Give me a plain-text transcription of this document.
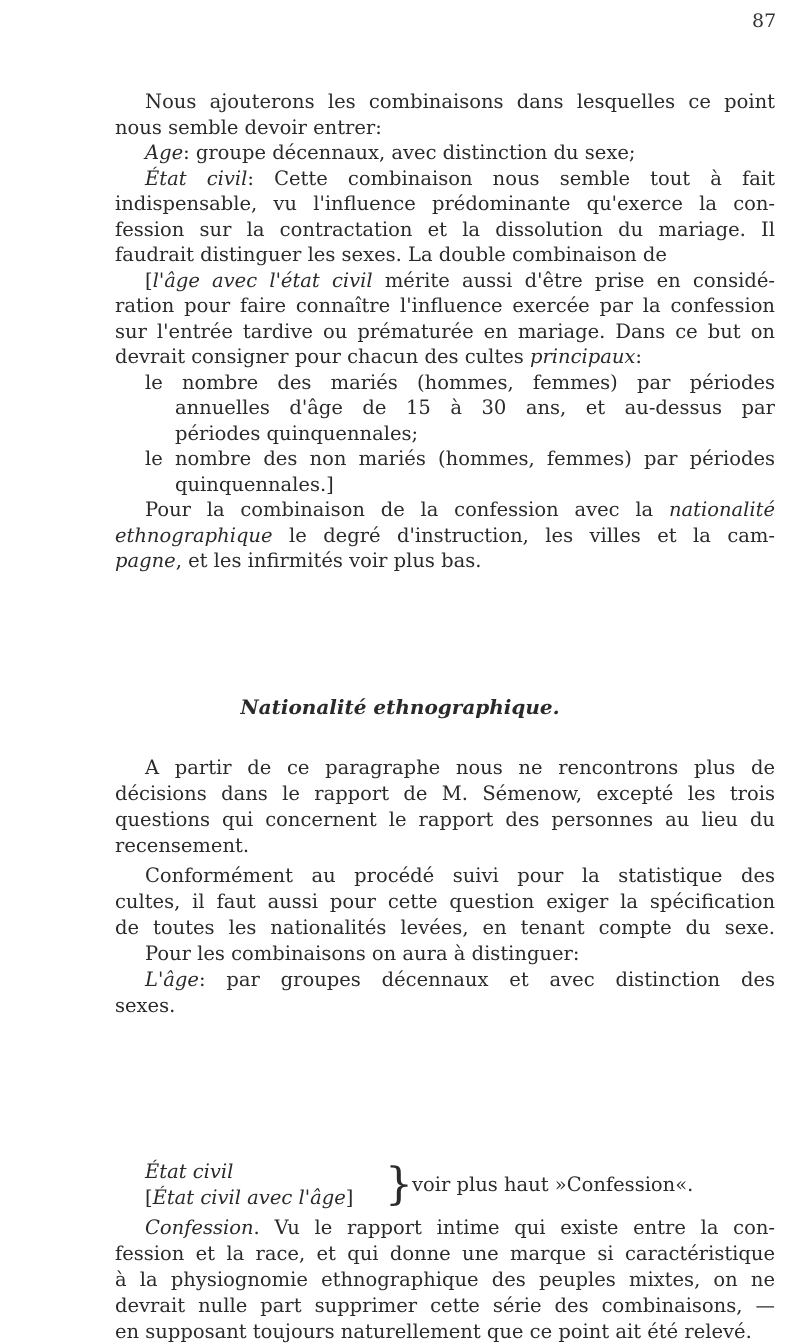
87
Nous ajouterons les combinaisons dans lesquelles ce point
nous semble devoir entrer:
Age: groupe décennaux, avec distinction du sexe;
État civil: Cette combinaison nous semble tout à fait
indispensable, vu l'influence prédominante qu'exerce la con-
fession sur la contractation et la dissolution du mariage. Il
faudrait distinguer les sexes. La double combinaison de
[l'âge avec l'état civil mérite aussi d'être prise en considé-
ration pour faire connaître l'influence exercée par la confession
sur l'entrée tardive ou prématurée en mariage. Dans ce but on
devrait consigner pour chacun des cultes principaux:
le nombre des mariés (hommes, femmes) par périodes
annuelles d'âge de 15 à 30 ans, et au-dessus par
périodes quinquennales;
le nombre des non mariés (hommes, femmes) par périodes
quinquennales.]
Pour la combinaison de la confession avec la nationalité
ethnographique le degré d'instruction, les villes et la cam-
pagne, et les infirmités voir plus bas.
Nationalité ethnographique.
A partir de ce paragraphe nous ne rencontrons plus de
décisions dans le rapport de M. Sémenow, excepté les trois
questions qui concernent le rapport des personnes au lieu du
recensement.
Conformément au procédé suivi pour la statistique des
cultes, il faut aussi pour cette question exiger la spécification
de toutes les nationalités levées, en tenant compte du sexe.
Pour les combinaisons on aura à distinguer:
L'âge: par groupes décennaux et avec distinction des
sexes.
État civil
[État civil avec l'âge] } voir plus haut »Confession«.
Confession. Vu le rapport intime qui existe entre la con-
fession et la race, et qui donne une marque si caractéristique
à la physiognomie ethnographique des peuples mixtes, on ne
devrait nulle part supprimer cette série des combinaisons, —
en supposant toujours naturellement que ce point ait été relevé.
